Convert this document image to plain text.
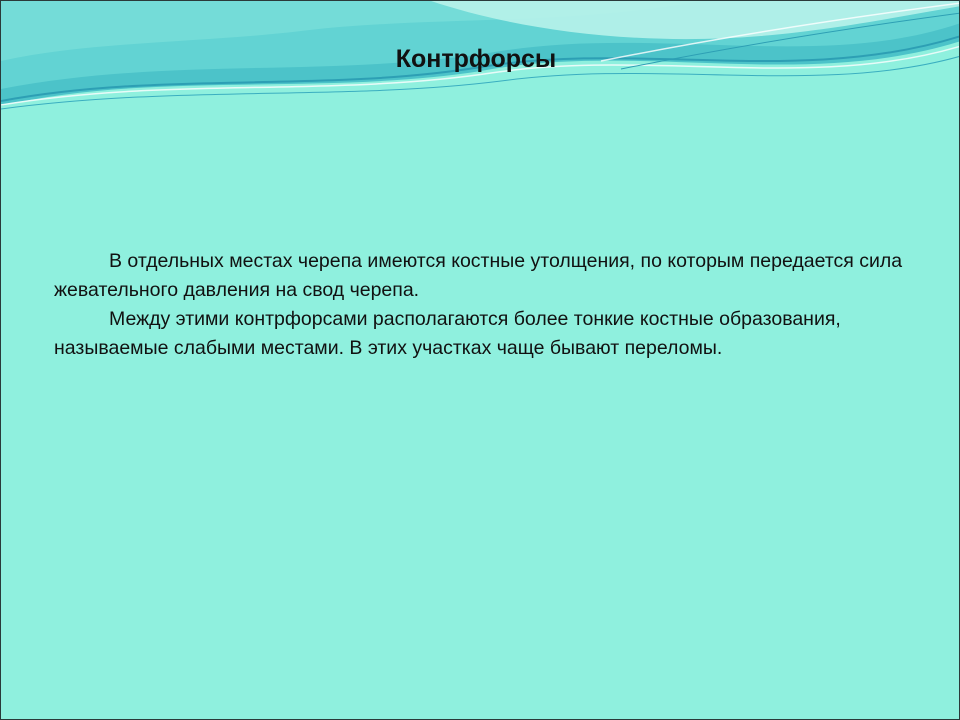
Контрфорсы

В отдельных местах черепа имеются костные утолщения, по которым передается сила жевательного давления на свод черепа.

Между этими контрфорсами располагаются более тонкие костные образования, называемые слабыми местами. В этих участках чаще бывают переломы.
